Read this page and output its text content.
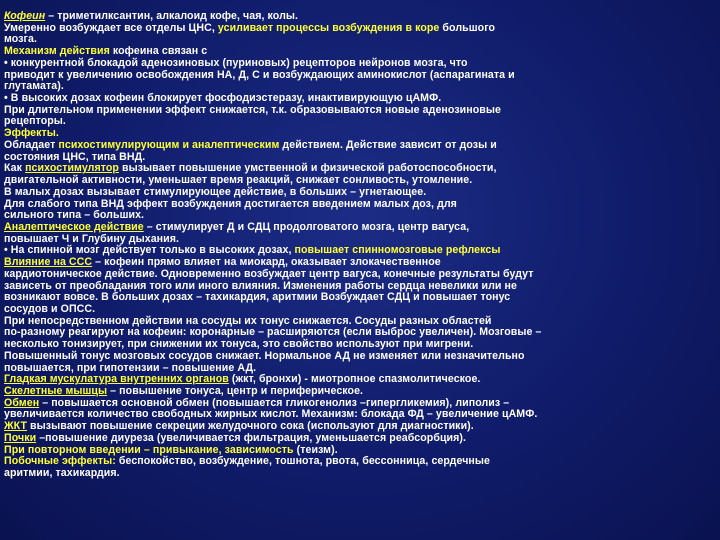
Кофеин – триметилксантин, алкалоид кофе, чая, колы.

Умеренно возбуждает все отделы ЦНС, усиливает процессы возбуждения в коре большого

мозга.

Механизм действия кофеина связан с

• конкурентной блокадой аденозиновых (пуриновых) рецепторов нейронов мозга, что

приводит к увеличению освобождения НА, Д, С и возбуждающих аминокислот (аспарагината и

глутамата).

• В высоких дозах кофеин блокирует фосфодиэстеразу, инактивирующую цАМФ.

При длительном применении эффект снижается, т.к. образовываются новые аденозиновые

рецепторы.

Эффекты.

Обладает психостимулирующим и аналептическим действием. Действие зависит от дозы и

состояния ЦНС, типа ВНД.

Как психостимулятор вызывает повышение умственной и физической работоспособности,

двигательной активности, уменьшает время реакций, снижает сонливость, утомление.

В малых дозах вызывает стимулирующее действие, в больших – угнетающее.

Для слабого типа ВНД эффект возбуждения достигается введением малых доз, для

сильного типа – больших.

Аналептическое действие – стимулирует Д и СДЦ продолговатого мозга, центр вагуса,

повышает Ч и Глубину дыхания.

• На спинной мозг действует только в высоких дозах, повышает спинномозговые рефлексы

Влияние на ССС – кофеин прямо влияет на миокард, оказывает злокачественное

кардиотоническое действие. Одновременно возбуждает центр вагуса, конечные результаты будут

зависеть от преобладания того или иного влияния. Изменения работы сердца невелики или не

возникают вовсе. В больших дозах – тахикардия, аритмии Возбуждает СДЦ и повышает тонус

сосудов и ОПСС.

При непосредственном действии на сосуды их тонус снижается. Сосуды разных областей

по-разному реагируют на кофеин: коронарные – расширяются (если выброс увеличен). Мозговые –

несколько тонизирует, при снижении их тонуса, это свойство используют при мигрени.

Повышенный тонус мозговых сосудов снижает. Нормальное АД не изменяет или незначительно

повышается, при гипотензии – повышение АД.

Гладкая мускулатура внутренних органов (жкт, бронхи) - миотропное спазмолитическое.

Скелетные мышцы – повышение тонуса, центр и периферическое.

Обмен – повышается основной обмен (повышается гликогенолиз –гипергликемия), липолиз –

увеличивается количество свободных жирных кислот. Механизм: блокада ФД – увеличение цАМФ.

ЖКТ вызывают повышение секреции желудочного сока (используют для диагностики).

Почки –повышение диуреза (увеличивается фильтрация, уменьшается реабсорбция).

При повторном введении – привыкание, зависимость (теизм).

Побочные эффекты: беспокойство, возбуждение, тошнота, рвота, бессонница, сердечные

аритмии, тахикардия.
